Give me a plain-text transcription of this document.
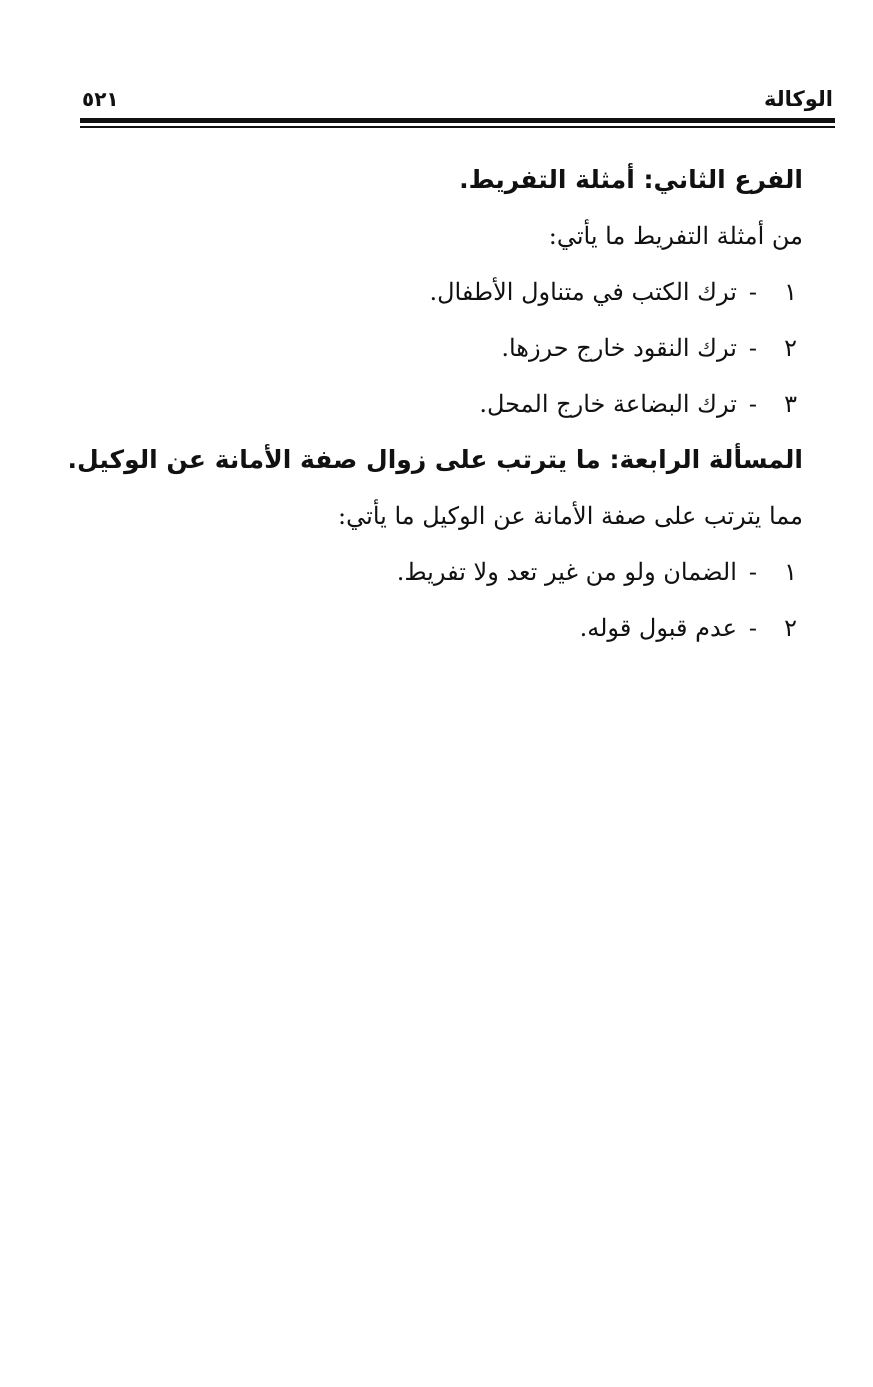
الوكالة
٥٢١
الفرع الثاني: أمثلة التفريط.
من أمثلة التفريط ما يأتي:
١-ترك الكتب في متناول الأطفال.
٢-ترك النقود خارج حرزها.
٣-ترك البضاعة خارج المحل.
المسألة الرابعة: ما يترتب على زوال صفة الأمانة عن الوكيل.
مما يترتب على صفة الأمانة عن الوكيل ما يأتي:
١-الضمان ولو من غير تعد ولا تفريط.
٢-عدم قبول قوله.
